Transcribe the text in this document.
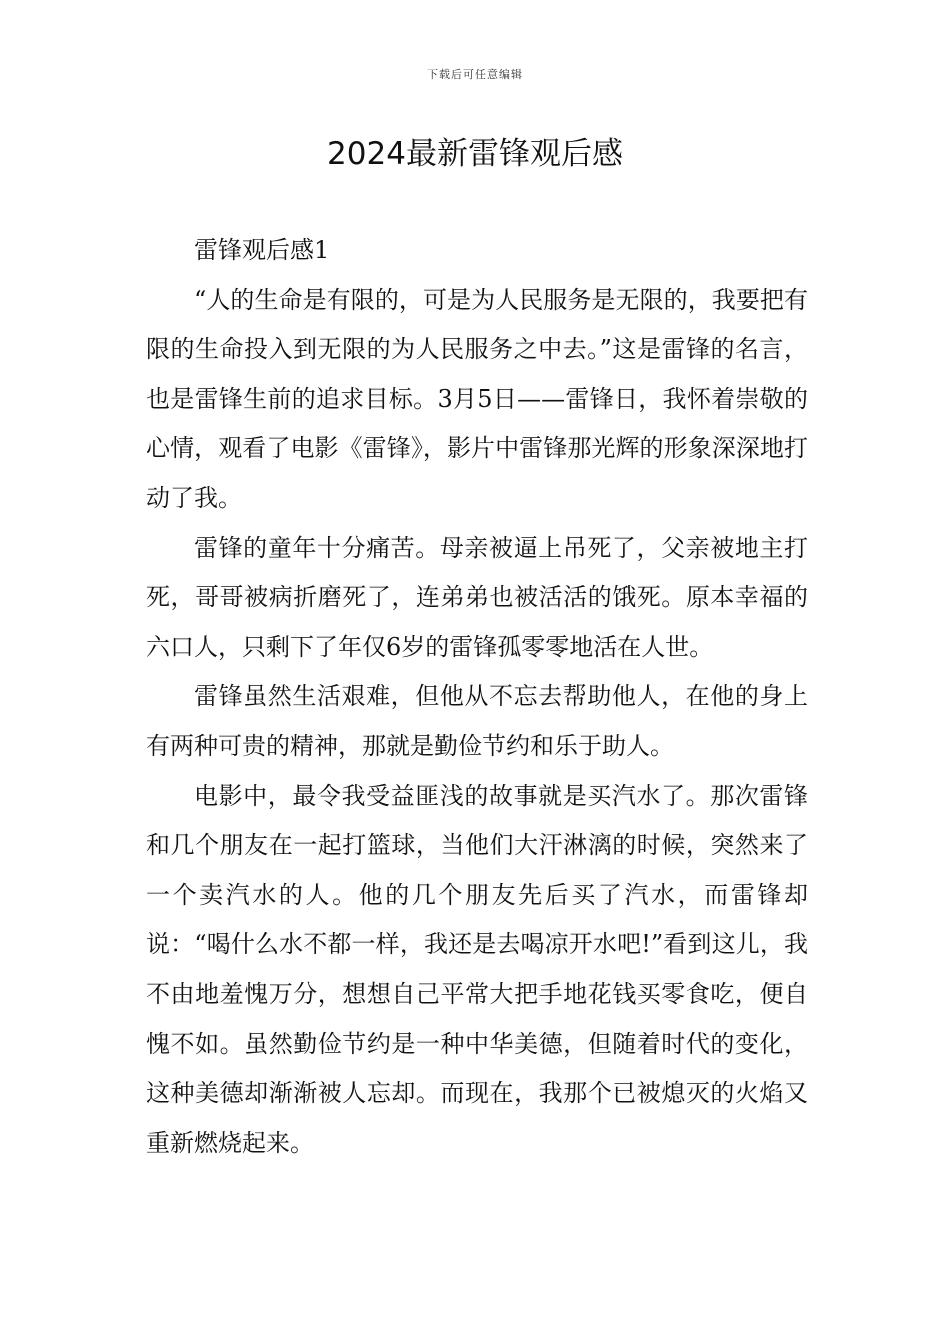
下载后可任意编辑
2024最新雷锋观后感
雷锋观后感1

“人的生命是有限的，可是为人民服务是无限的，我要把有限的生命投入到无限的为人民服务之中去。”这是雷锋的名言，也是雷锋生前的追求目标。3月5日——雷锋日，我怀着崇敬的心情，观看了电影《雷锋》，影片中雷锋那光辉的形象深深地打动了我。

雷锋的童年十分痛苦。母亲被逼上吊死了，父亲被地主打死，哥哥被病折磨死了，连弟弟也被活活的饿死。原本幸福的六口人，只剩下了年仅6岁的雷锋孤零零地活在人世。

雷锋虽然生活艰难，但他从不忘去帮助他人，在他的身上有两种可贵的精神，那就是勤俭节约和乐于助人。

电影中，最令我受益匪浅的故事就是买汽水了。那次雷锋和几个朋友在一起打篮球，当他们大汗淋漓的时候，突然来了一个卖汽水的人。他的几个朋友先后买了汽水，而雷锋却说：“喝什么水不都一样，我还是去喝凉开水吧!”看到这儿，我不由地羞愧万分，想想自己平常大把手地花钱买零食吃，便自愧不如。虽然勤俭节约是一种中华美德，但随着时代的变化，这种美德却渐渐被人忘却。而现在，我那个已被熄灭的火焰又重新燃烧起来。
